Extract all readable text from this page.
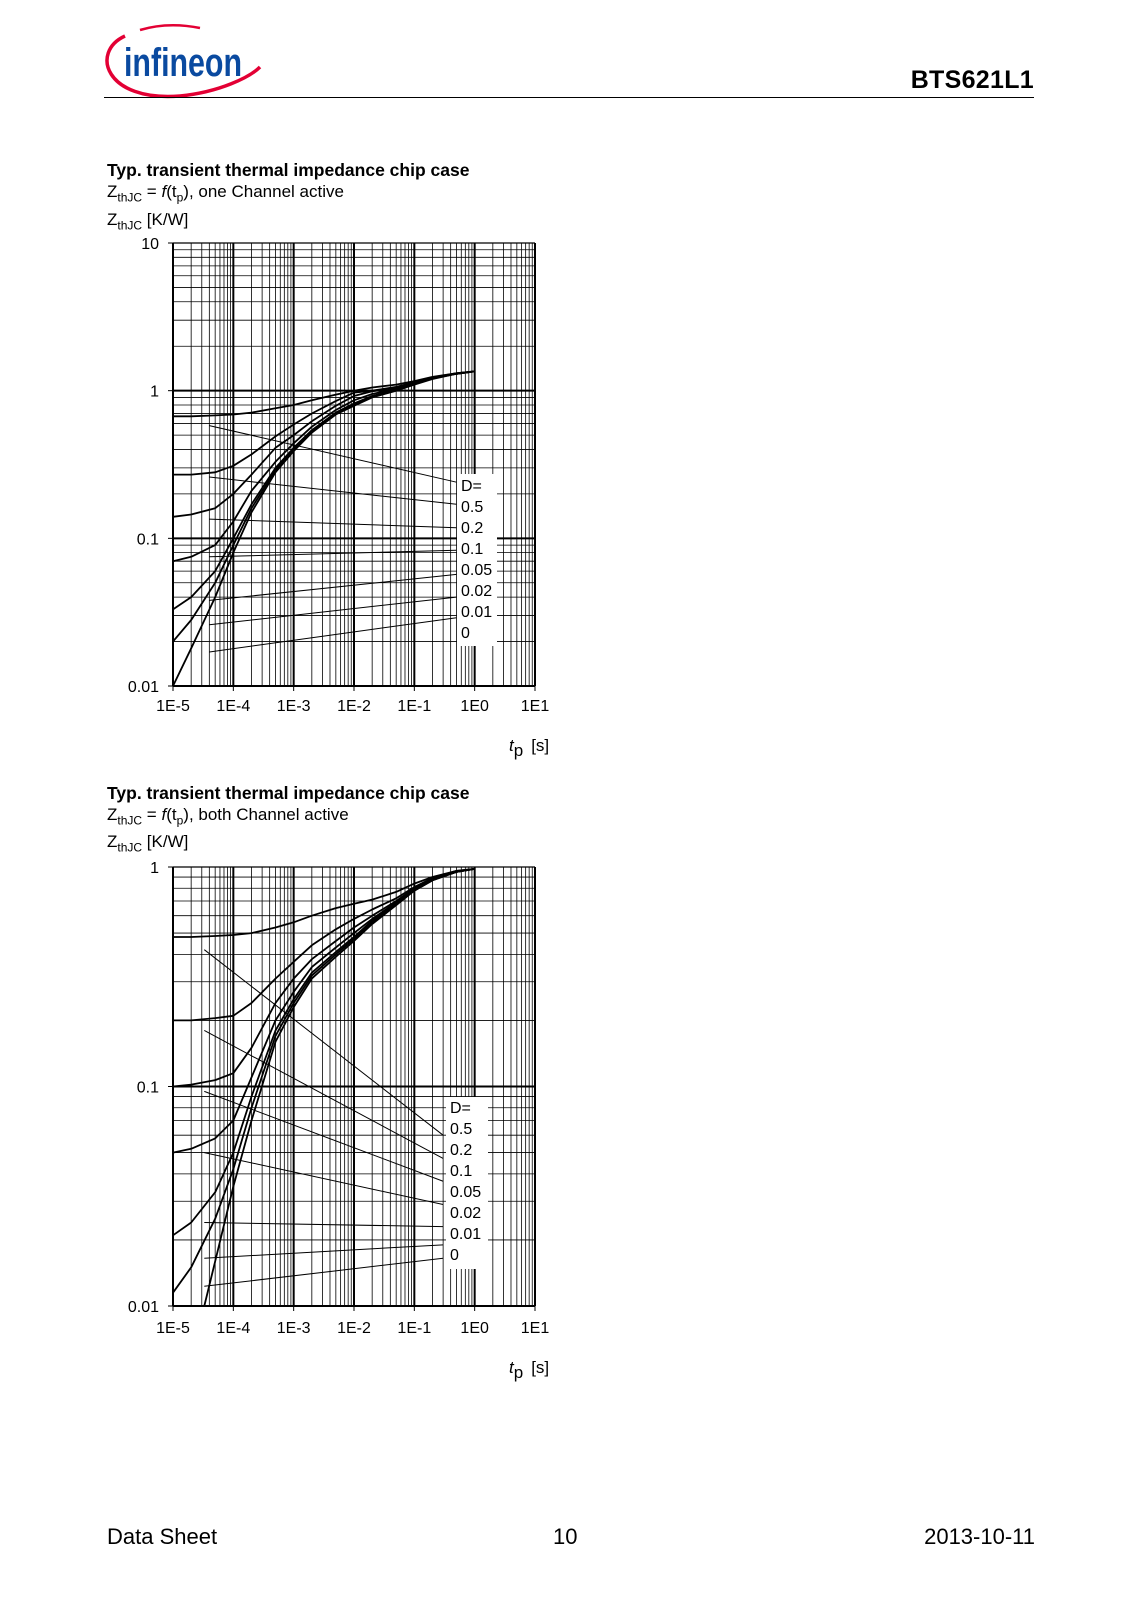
infineon	BTS621L1
Typ. transient thermal impedance chip case
$Z_{thJC} = f(t_p)$, one Channel active
$Z_{thJC}$ [K/W]
1E-5 1E-4 1E-3 1E-2 1E-1 1E0 1E1
0.01
0.1
1
10
tp [s]
D=
0.5
0.2
0.1
0.05
0.02
0.01
0
Typ. transient thermal impedance chip case
$Z_{thJC} = f(t_p)$, both Channel active
$Z_{thJC}$ [K/W]
1E-5 1E-4 1E-3 1E-2 1E-1 1E0 1E1
0.01
0.1
1
tp [s]
D=
0.5
0.2
0.1
0.05
0.02
0.01
0
Data Sheet	10	2013-10-11
